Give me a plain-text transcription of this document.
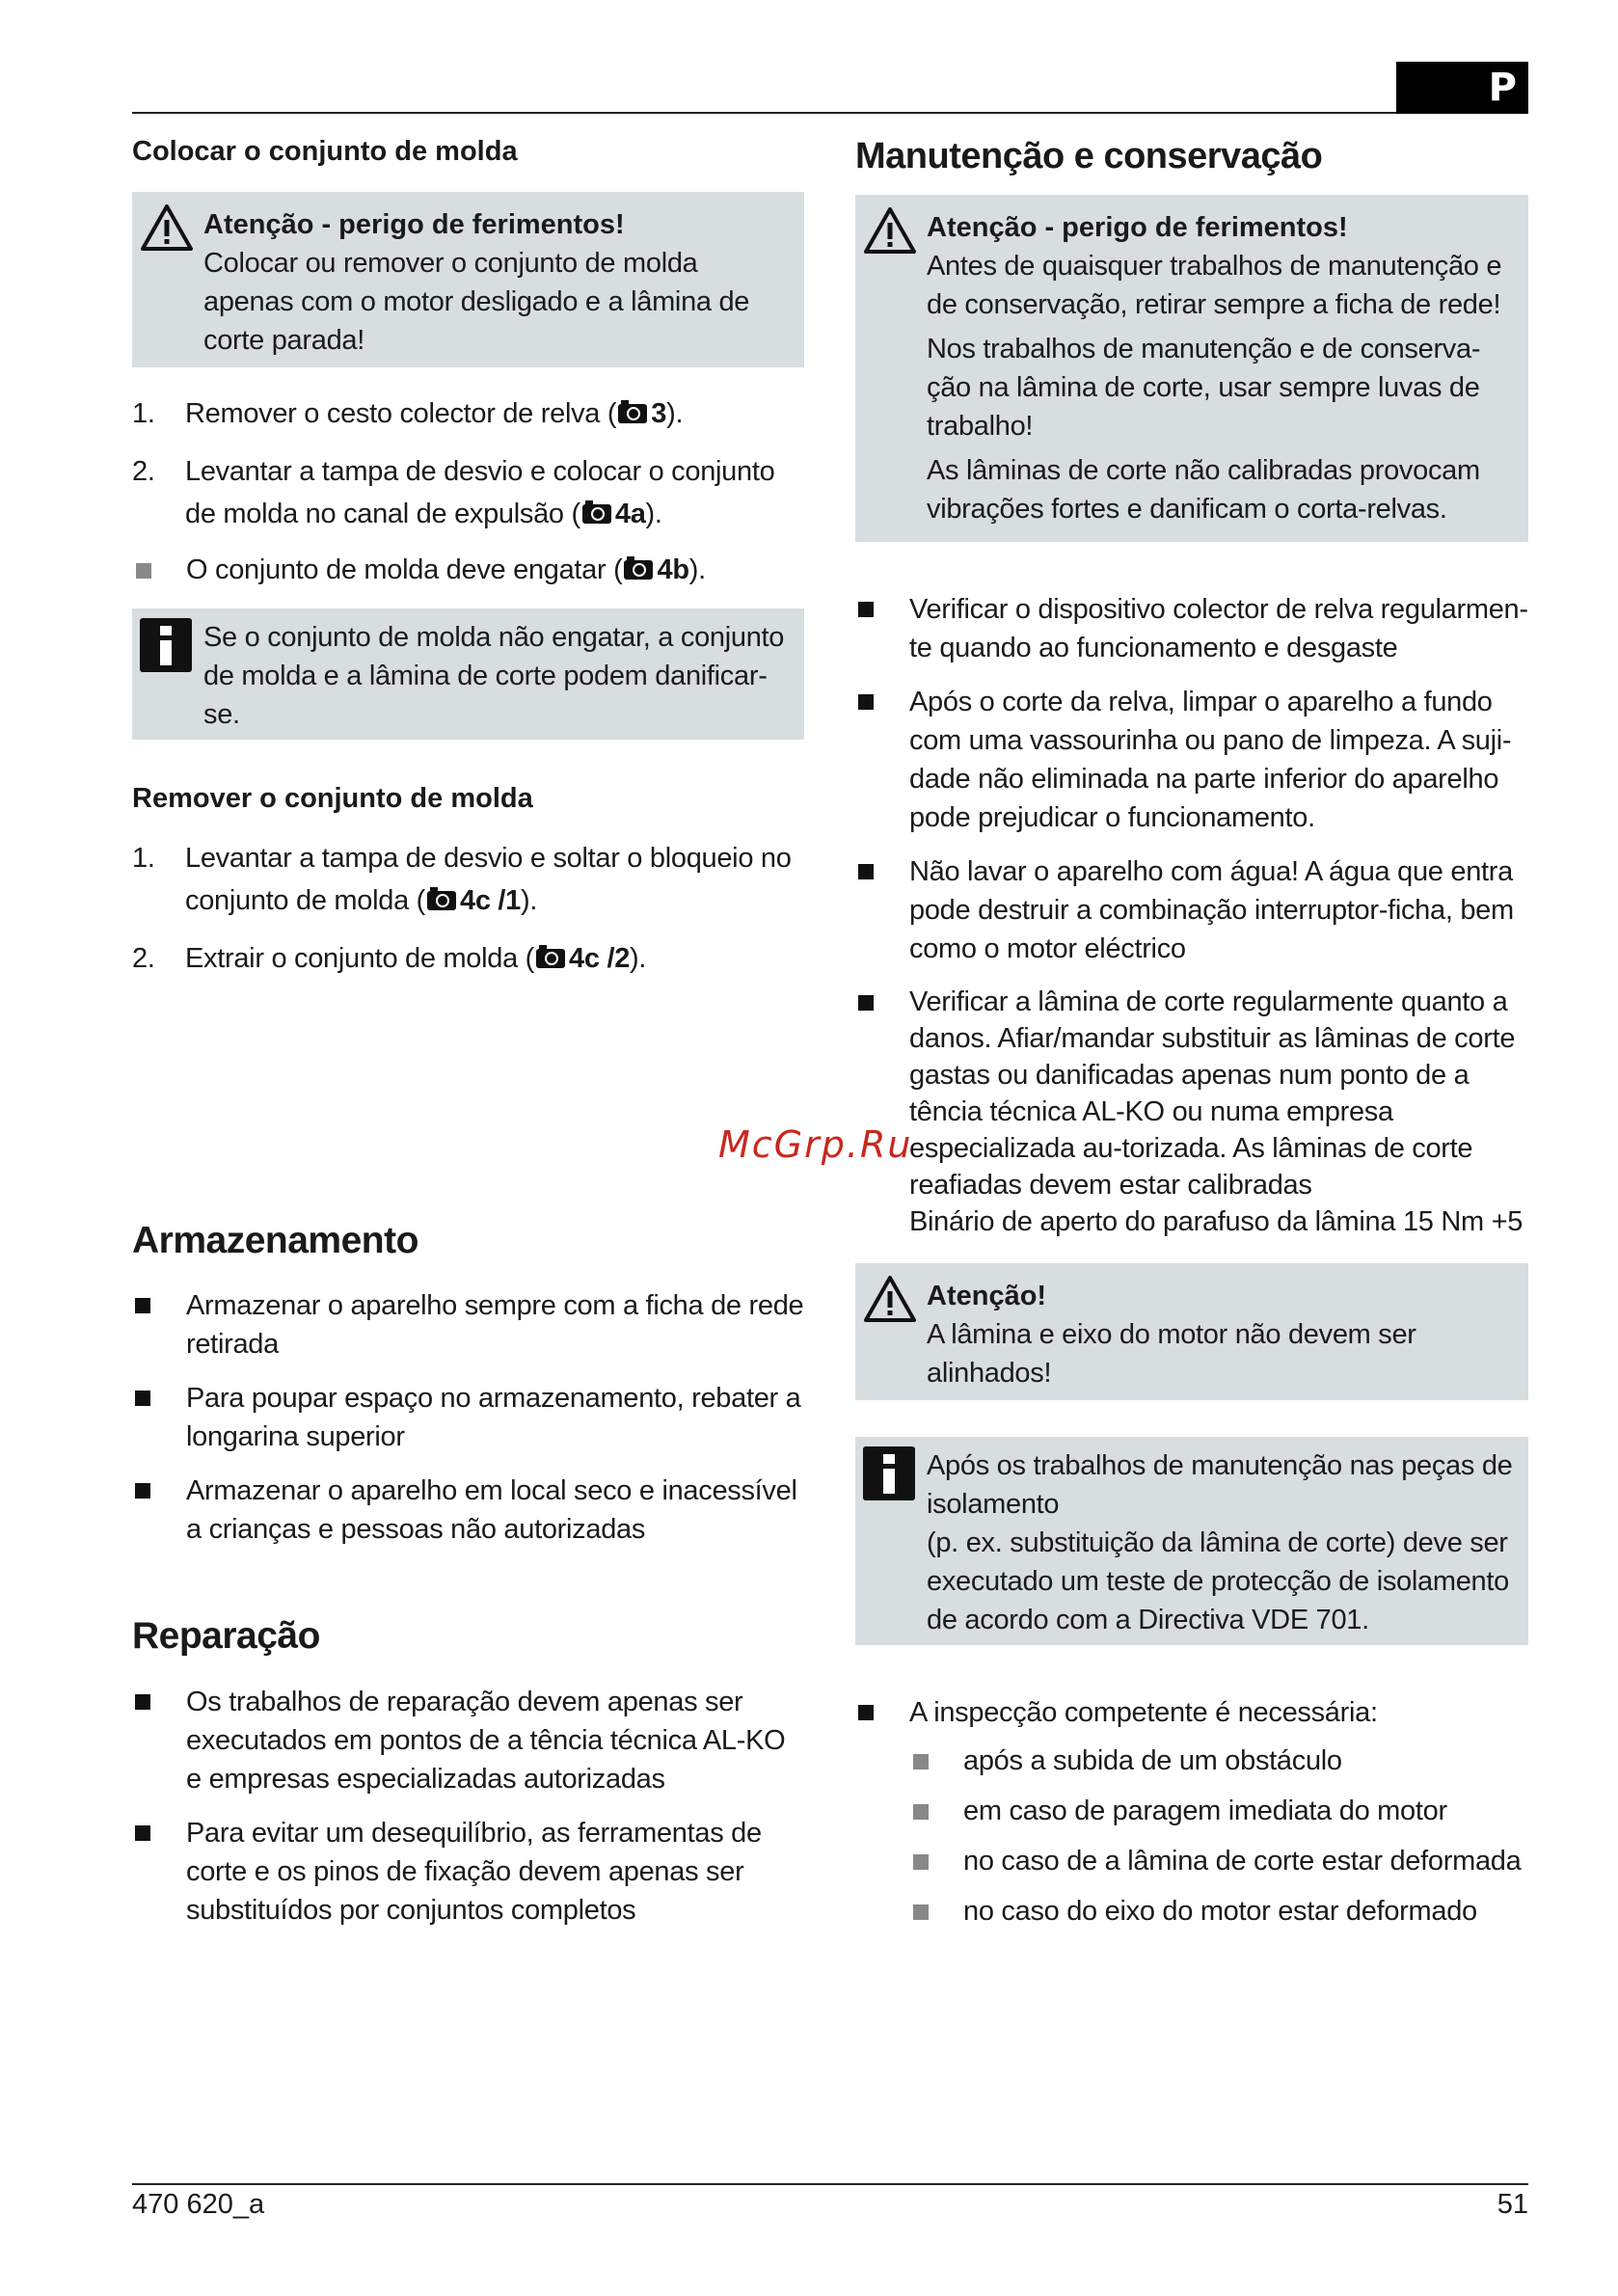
P
Colocar o conjunto de molda
Atenção - perigo de ferimentos!
Colocar ou remover o conjunto de molda apenas com o motor desligado e a lâmina de corte parada!
1. Remover o cesto colector de relva ( 3).
2. Levantar a tampa de desvio e colocar o conjunto de molda no canal de expulsão ( 4a).
O conjunto de molda deve engatar ( 4b).
Se o conjunto de molda não engatar, a conjunto de molda e a lâmina de corte podem danificar-se.
Remover o conjunto de molda
1. Levantar a tampa de desvio e soltar o bloqueio no conjunto de molda ( 4c /1).
2. Extrair o conjunto de molda ( 4c /2).
Armazenamento
Armazenar o aparelho sempre com a ficha de rede retirada
Para poupar espaço no armazenamento, rebater a longarina superior
Armazenar o aparelho em local seco e inacessível a crianças e pessoas não autorizadas
Reparação
Os trabalhos de reparação devem apenas ser executados em pontos de a tência técnica AL-KO e empresas especializadas autorizadas
Para evitar um desequilíbrio, as ferramentas de corte e os pinos de fixação devem apenas ser substituídos por conjuntos completos
Manutenção e conservação
Atenção - perigo de ferimentos!

Antes de quaisquer trabalhos de manutenção e de conservação, retirar sempre a ficha de rede!

Nos trabalhos de manutenção e de conserva-ção na lâmina de corte, usar sempre luvas de trabalho!

As lâminas de corte não calibradas provocam vibrações fortes e danificam o corta-relvas.

Verificar o dispositivo colector de relva regularmen-te quando ao funcionamento e desgaste
Após o corte da relva, limpar o aparelho a fundo com uma vassourinha ou pano de limpeza. A suji-dade não eliminada na parte inferior do aparelho pode prejudicar o funcionamento.
Não lavar o aparelho com água! A água que entra pode destruir a combinação interruptor-ficha, bem como o motor eléctrico
Verificar a lâmina de corte regularmente quanto a danos. Afiar/mandar substituir as lâminas de corte gastas ou danificadas apenas num ponto de a tência técnica AL-KO ou numa empresa especializada au-torizada. As lâminas de corte reafiadas devem estar calibradas
Binário de aperto do parafuso da lâmina 15 Nm +5
Atenção!
A lâmina e eixo do motor não devem ser alinhados!
Após os trabalhos de manutenção nas peças de isolamento
(p. ex. substituição da lâmina de corte) deve ser executado um teste de protecção de isolamento de acordo com a Directiva VDE 701.
A inspecção competente é necessária:
após a subida de um obstáculo
em caso de paragem imediata do motor
no caso de a lâmina de corte estar deformada
no caso do eixo do motor estar deformado
McGrp.Ru
470 620_a	51
